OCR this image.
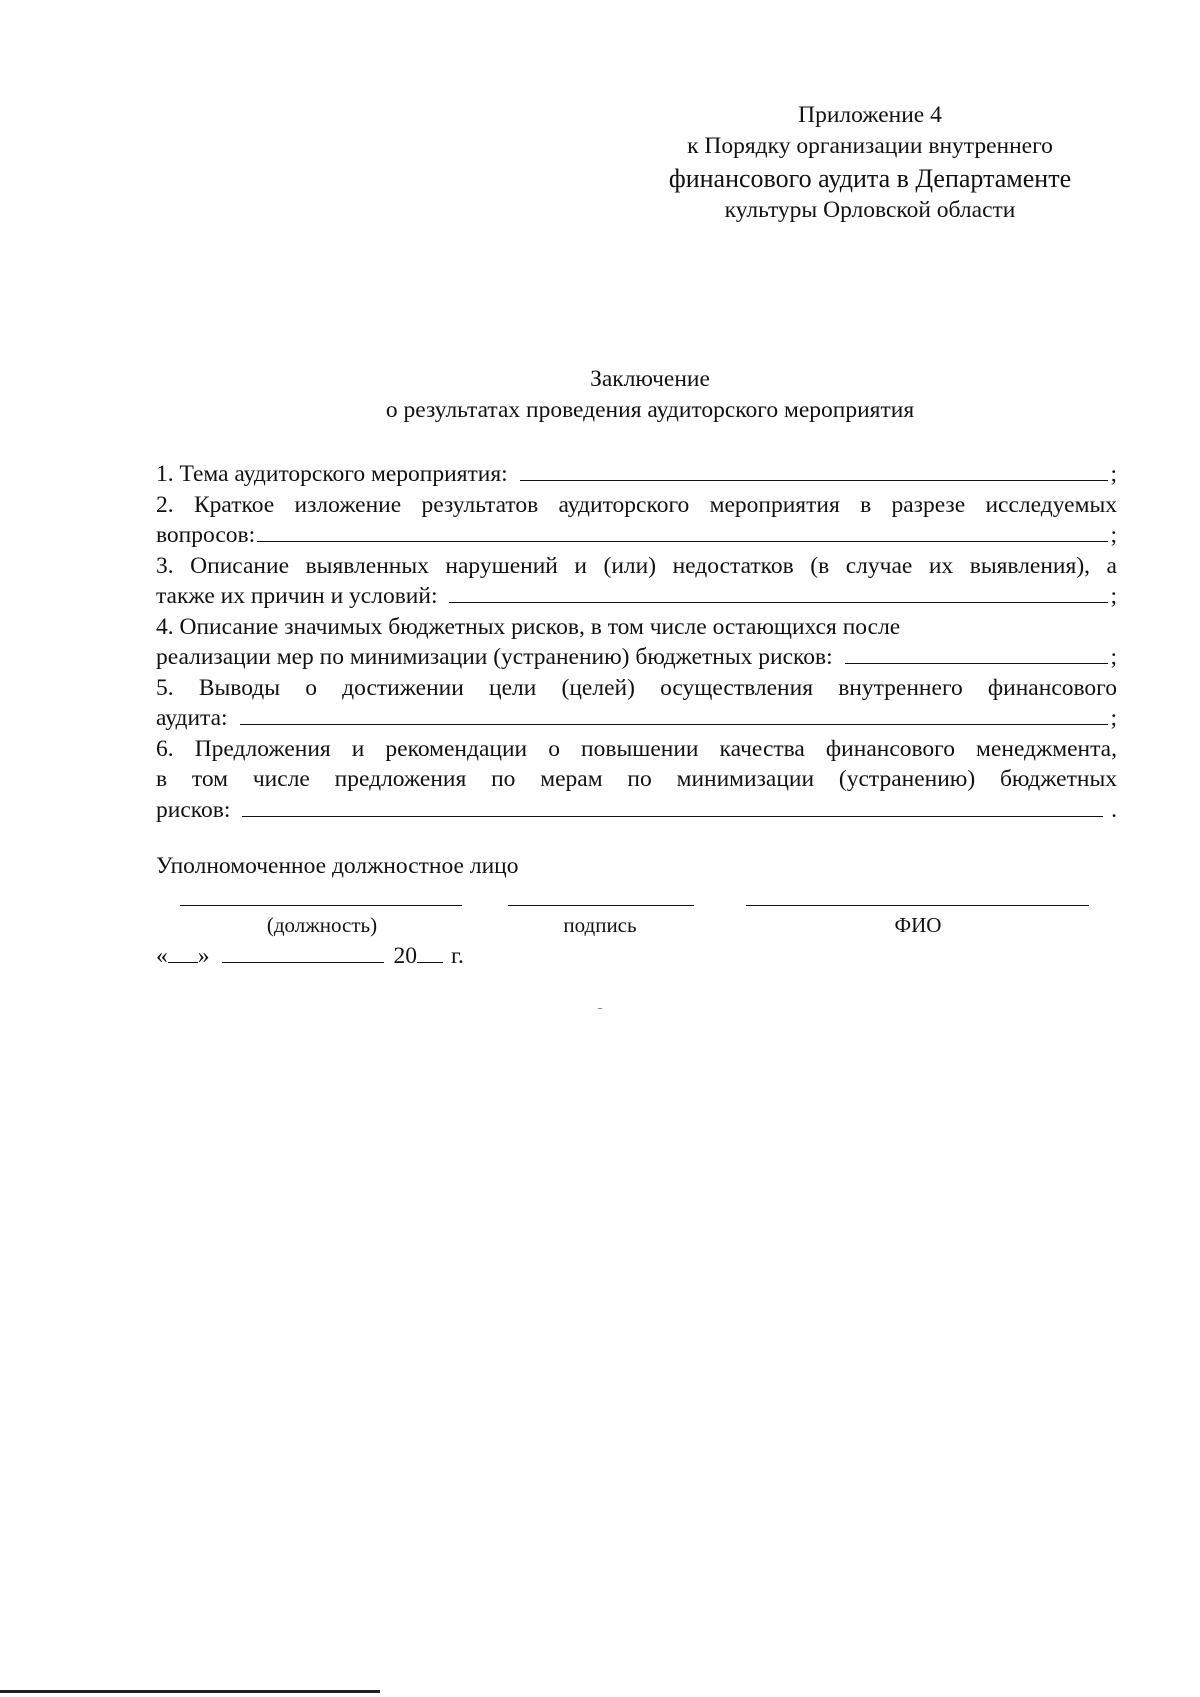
Приложение 4
к Порядку организации внутреннего
финансового аудита в Департаменте
культуры Орловской области
Заключение
о результатах проведения аудиторского мероприятия
1. Тема аудиторского мероприятия:	;
2. Краткое изложение результатов аудиторского мероприятия в разрезе исследуемых
вопросов:	;
3. Описание выявленных нарушений и (или) недостатков (в случае их выявления), а
также их причин и условий:	;
4. Описание значимых бюджетных рисков, в том числе остающихся после
реализации мер по минимизации (устранению) бюджетных рисков:	;
5. Выводы о достижении цели (целей) осуществления внутреннего финансового
аудита:	;
6. Предложения и рекомендации о повышении качества финансового менеджмента,
в том числе предложения по мерам по минимизации (устранению) бюджетных
рисков:	.
Уполномоченное должностное лицо
(должность)	подпись	ФИО
« »	20 г.
